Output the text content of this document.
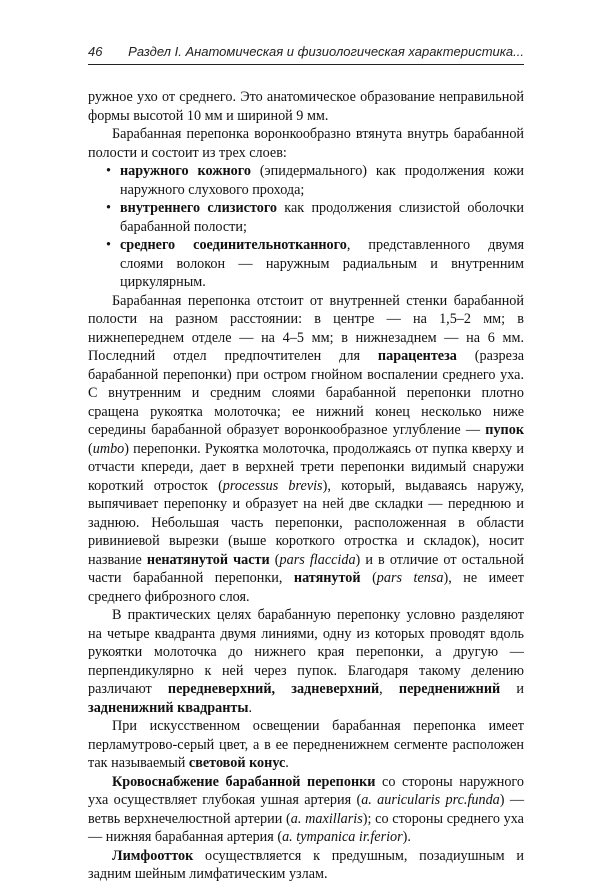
46 Раздел I. Анатомическая и физиологическая характеристика...

ружное ухо от среднего. Это анатомическое образование неправильной формы высотой 10 мм и шириной 9 мм.

Барабанная перепонка воронкообразно втянута внутрь барабанной полости и состоит из трех слоев:

• наружного кожного (эпидермального) как продолжения кожи наружного слухового прохода;
• внутреннего слизистого как продолжения слизистой оболочки барабанной полости;
• среднего соединительнотканного, представленного двумя слоями волокон — наружным радиальным и внутренним циркулярным.

Барабанная перепонка отстоит от внутренней стенки барабанной полости на разном расстоянии: в центре — на 1,5–2 мм; в нижнепереднем отделе — на 4–5 мм; в нижнезаднем — на 6 мм. Последний отдел предпочтителен для парацентеза (разреза барабанной перепонки) при остром гнойном воспалении среднего уха. С внутренним и средним слоями барабанной перепонки плотно сращена рукоятка молоточка; ее нижний конец несколько ниже середины барабанной образует воронкообразное углубление — пупок (umbo) перепонки. Рукоятка молоточка, продолжаясь от пупка кверху и отчасти кпереди, дает в верхней трети перепонки видимый снаружи короткий отросток (processus brevis), который, выдаваясь наружу, выпячивает перепонку и образует на ней две складки — переднюю и заднюю. Небольшая часть перепонки, расположенная в области ривиниевой вырезки (выше короткого отростка и складок), носит название ненатянутой части (pars flaccida) и в отличие от остальной части барабанной перепонки, натянутой (pars tensa), не имеет среднего фиброзного слоя.

В практических целях барабанную перепонку условно разделяют на четыре квадранта двумя линиями, одну из которых проводят вдоль рукоятки молоточка до нижнего края перепонки, а другую — перпендикулярно к ней через пупок. Благодаря такому делению различают передневерхний, задневерхний, передненижний и задненижний квадранты.

При искусственном освещении барабанная перепонка имеет перламутрово-серый цвет, а в ее передненижнем сегменте расположен так называемый световой конус.

Кровоснабжение барабанной перепонки со стороны наружного уха осуществляет глубокая ушная артерия (a. auricularis prc.funda) — ветвь верхнечелюстной артерии (a. maxillaris); со стороны среднего уха — нижняя барабанная артерия (a. tympanica ir.ferior).

Лимфоотток осуществляется к предушным, позадиушным и задним шейным лимфатическим узлам.
